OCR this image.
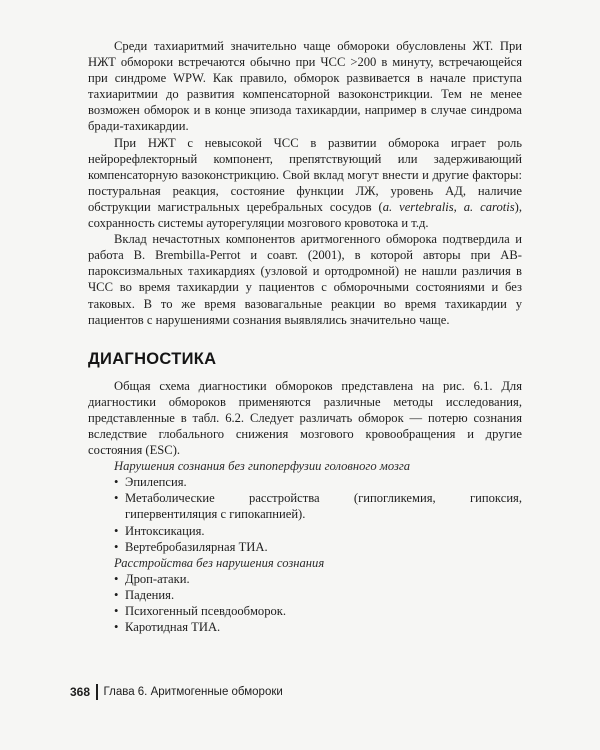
Среди тахиаритмий значительно чаще обмороки обусловлены ЖТ. При НЖТ обмороки встречаются обычно при ЧСС >200 в минуту, встречающейся при синдроме WPW. Как правило, обморок развивается в начале приступа тахиаритмии до развития компенсаторной вазоконстрикции. Тем не менее возможен обморок и в конце эпизода тахикардии, например в случае синдрома бради-тахикардии.

При НЖТ с невысокой ЧСС в развитии обморока играет роль нейрорефлекторный компонент, препятствующий или задерживающий компенсаторную вазоконстрикцию. Свой вклад могут внести и другие факторы: постуральная реакция, состояние функции ЛЖ, уровень АД, наличие обструкции магистральных церебральных сосудов (a. vertebralis, a. carotis), сохранность системы ауторегуляции мозгового кровотока и т.д.

Вклад нечастотных компонентов аритмогенного обморока подтвердила и работа B. Brembilla-Perrot и соавт. (2001), в которой авторы при АВ-пароксизмальных тахикардиях (узловой и ортодромной) не нашли различия в ЧСС во время тахикардии у пациентов с обморочными состояниями и без таковых. В то же время вазовагальные реакции во время тахикардии у пациентов с нарушениями сознания выявлялись значительно чаще.

ДИАГНОСТИКА

Общая схема диагностики обмороков представлена на рис. 6.1. Для диагностики обмороков применяются различные методы исследования, представленные в табл. 6.2. Следует различать обморок — потерю сознания вследствие глобального снижения мозгового кровообращения и другие состояния (ESC).

Нарушения сознания без гипоперфузии головного мозга
• Эпилепсия.
• Метаболические расстройства (гипогликемия, гипоксия, гипервентиляция с гипокапнией).
• Интоксикация.
• Вертебробазилярная ТИА.
Расстройства без нарушения сознания
• Дроп-атаки.
• Падения.
• Психогенный псевдообморок.
• Каротидная ТИА.
368 Глава 6. Аритмогенные обмороки
